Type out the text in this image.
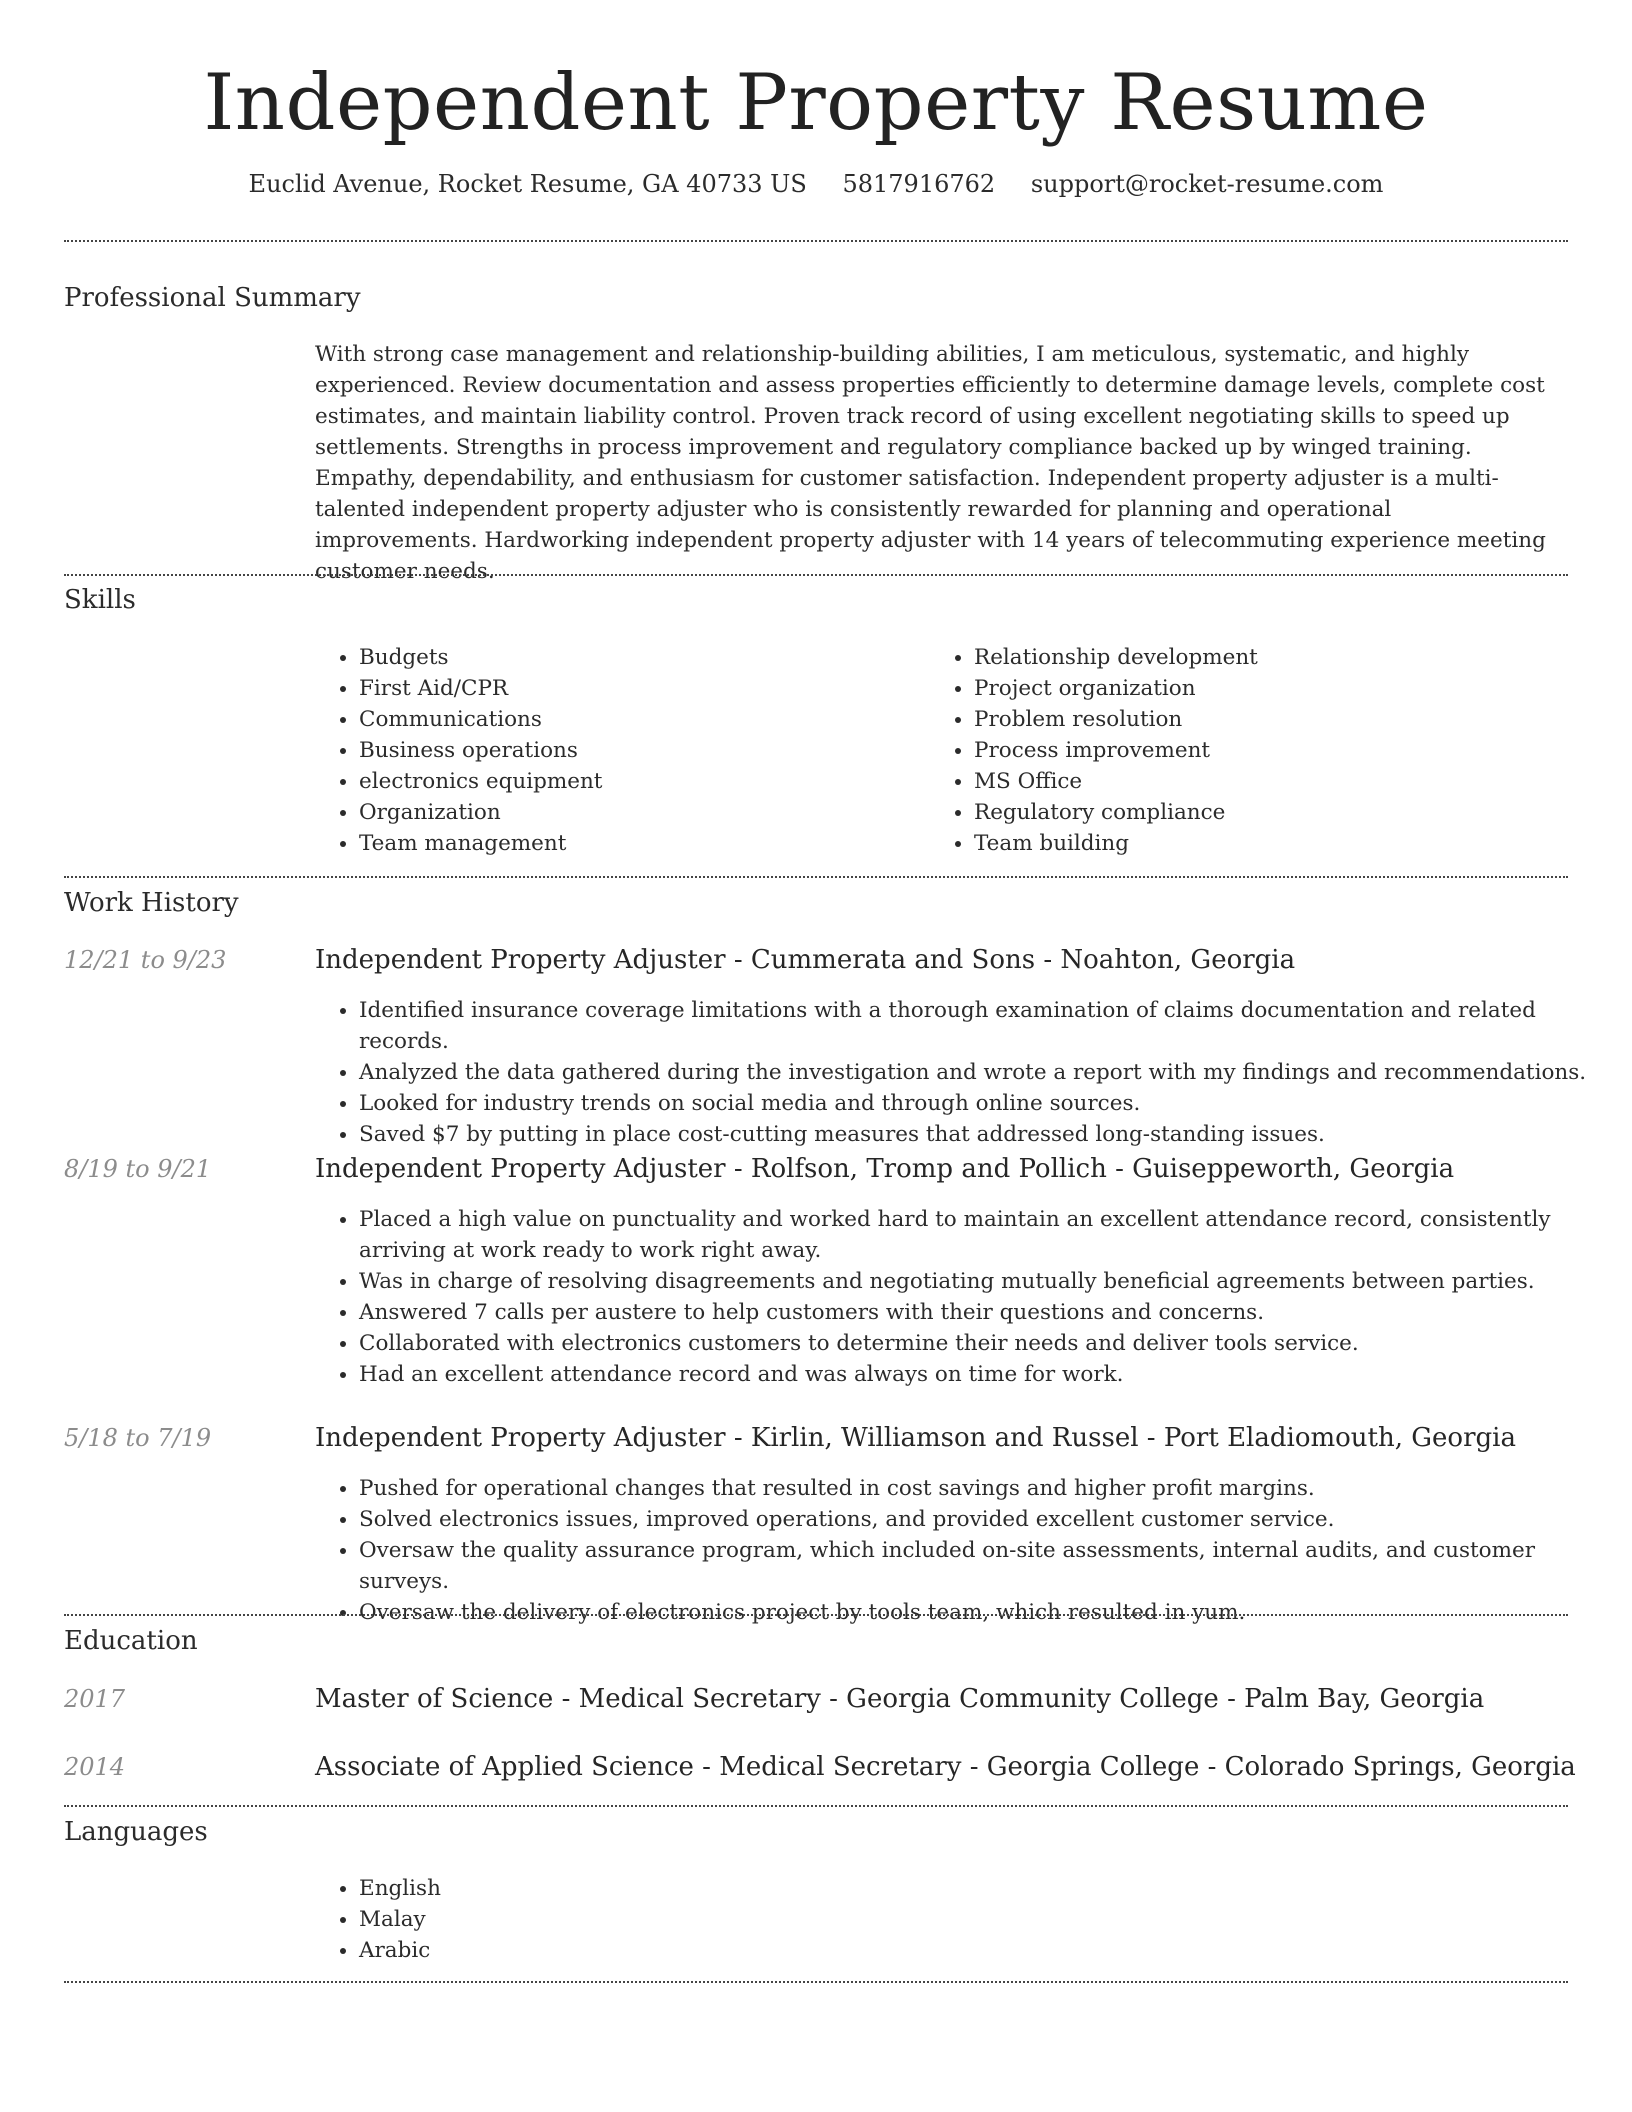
Independent Property Resume
Euclid Avenue, Rocket Resume, GA 40733 US 5817916762 support@rocket-resume.com
Professional Summary
With strong case management and relationship-building abilities, I am meticulous, systematic, and highly experienced. Review documentation and assess properties efficiently to determine damage levels, complete cost estimates, and maintain liability control. Proven track record of using excellent negotiating skills to speed up settlements. Strengths in process improvement and regulatory compliance backed up by winged training. Empathy, dependability, and enthusiasm for customer satisfaction. Independent property adjuster is a multi-talented independent property adjuster who is consistently rewarded for planning and operational improvements. Hardworking independent property adjuster with 14 years of telecommuting experience meeting customer needs.
Skills
• Budgets
• First Aid/CPR
• Communications
• Business operations
• electronics equipment
• Organization
• Team management
• Relationship development
• Project organization
• Problem resolution
• Process improvement
• MS Office
• Regulatory compliance
• Team building
Work History
12/21 to 9/23	Independent Property Adjuster - Cummerata and Sons - Noahton, Georgia
• Identified insurance coverage limitations with a thorough examination of claims documentation and related records.
• Analyzed the data gathered during the investigation and wrote a report with my findings and recommendations.
• Looked for industry trends on social media and through online sources.
• Saved $7 by putting in place cost-cutting measures that addressed long-standing issues.
8/19 to 9/21	Independent Property Adjuster - Rolfson, Tromp and Pollich - Guiseppeworth, Georgia
• Placed a high value on punctuality and worked hard to maintain an excellent attendance record, consistently arriving at work ready to work right away.
• Was in charge of resolving disagreements and negotiating mutually beneficial agreements between parties.
• Answered 7 calls per austere to help customers with their questions and concerns.
• Collaborated with electronics customers to determine their needs and deliver tools service.
• Had an excellent attendance record and was always on time for work.
5/18 to 7/19	Independent Property Adjuster - Kirlin, Williamson and Russel - Port Eladiomouth, Georgia
• Pushed for operational changes that resulted in cost savings and higher profit margins.
• Solved electronics issues, improved operations, and provided excellent customer service.
• Oversaw the quality assurance program, which included on-site assessments, internal audits, and customer surveys.
• Oversaw the delivery of electronics project by tools team, which resulted in yum.
Education
2017	Master of Science - Medical Secretary - Georgia Community College - Palm Bay, Georgia
2014	Associate of Applied Science - Medical Secretary - Georgia College - Colorado Springs, Georgia
Languages
• English
• Malay
• Arabic
